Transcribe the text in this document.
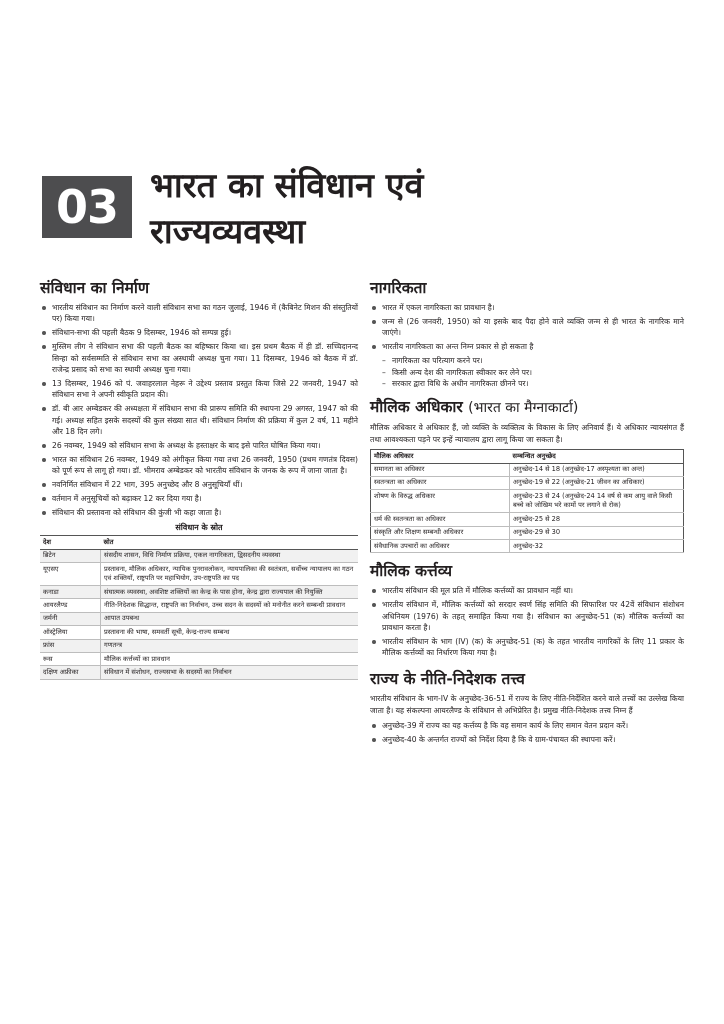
03 भारत का संविधान एवं
राज्यव्यवस्था
संविधान का निर्माण
भारतीय संविधान का निर्माण करने वाली संविधान सभा का गठन जुलाई, 1946 में (कैबिनेट मिशन की संस्तुतियों पर) किया गया।
संविधान-सभा की पहली बैठक 9 दिसम्बर, 1946 को सम्पन्न हुई।
मुस्लिम लीग ने संविधान सभा की पहली बैठक का बहिष्कार किया था। इस प्रथम बैठक में ही डॉ. सच्चिदानन्द सिन्हा को सर्वसम्मति से संविधान सभा का अस्थायी अध्यक्ष चुना गया। 11 दिसम्बर, 1946 को बैठक में डॉ. राजेन्द्र प्रसाद को सभा का स्थायी अध्यक्ष चुना गया।
13 दिसम्बर, 1946 को पं. जवाहरलाल नेहरू ने उद्देश्य प्रस्ताव प्रस्तुत किया जिसे 22 जनवरी, 1947 को संविधान सभा ने अपनी स्वीकृति प्रदान की।
डॉ. बी आर अम्बेडकर की अध्यक्षता में संविधान सभा की प्रारूप समिति की स्थापना 29 अगस्त, 1947 को की गई। अध्यक्ष सहित इसके सदस्यों की कुल संख्या सात थी। संविधान निर्माण की प्रक्रिया में कुल 2 वर्ष, 11 महीने और 18 दिन लगे।
26 नवम्बर, 1949 को संविधान सभा के अध्यक्ष के हस्ताक्षर के बाद इसे पारित घोषित किया गया।
भारत का संविधान 26 नवम्बर, 1949 को अंगीकृत किया गया तथा 26 जनवरी, 1950 (प्रथम गणतंत्र दिवस) को पूर्ण रूप से लागू हो गया। डॉ. भीमराव अम्बेडकर को भारतीय संविधान के जनक के रूप में जाना जाता है।
नवनिर्मित संविधान में 22 भाग, 395 अनुच्छेद और 8 अनुसूचियाँ थीं।
वर्तमान में अनुसूचियों को बढ़ाकर 12 कर दिया गया है।
संविधान की प्रस्तावना को संविधान की कुंजी भी कहा जाता है।
संविधान के स्रोत
देश	स्रोत
ब्रिटेन	संसदीय शासन, विधि निर्माण प्रक्रिया, एकल नागरिकता, द्विसदनीय व्यवस्था
यूएसए	प्रस्तावना, मौलिक अधिकार, न्यायिक पुनरावलोकन, न्यायपालिका की स्वतंत्रता, सर्वोच्च न्यायालय का गठन एवं शक्तियाँ, राष्ट्रपति पर महाभियोग, उप-राष्ट्रपति का पद
कनाडा	संघात्मक व्यवस्था, अवशिष्ट शक्तियों का केन्द्र के पास होना, केन्द्र द्वारा राज्यपाल की नियुक्ति
आयरलैण्ड	नीति-निदेशक सिद्धान्त, राष्ट्रपति का निर्वाचन, उच्च सदन के सदस्यों को मनोनीत करने सम्बन्धी प्रावधान
जर्मनी	आपात उपबन्ध
ऑस्ट्रेलिया	प्रस्तावना की भाषा, समवर्ती सूची, केन्द्र-राज्य सम्बन्ध
फ्रांस	गणतन्त्र
रूस	मौलिक कर्त्तव्यों का प्रावधान
दक्षिण अफ्रीका	संविधान में संशोधन, राज्यसभा के सदस्यों का निर्वाचन
नागरिकता
भारत में एकल नागरिकता का प्रावधान है।
जन्म से (26 जनवरी, 1950) को या इसके बाद पैदा होने वाले व्यक्ति जन्म से ही भारत के नागरिक माने जाएंगे।
भारतीय नागरिकता का अन्त निम्न प्रकार से हो सकता है
– नागरिकता का परित्याग करने पर।
– किसी अन्य देश की नागरिकता स्वीकार कर लेने पर।
– सरकार द्वारा विधि के अधीन नागरिकता छीनने पर।
मौलिक अधिकार (भारत का मैग्नाकार्टा)

मौलिक अधिकार वे अधिकार हैं, जो व्यक्ति के व्यक्तित्व के विकास के लिए अनिवार्य हैं। ये अधिकार न्यायसंगत हैं तथा आवश्यकता पड़ने पर इन्हें न्यायालय द्वारा लागू किया जा सकता है।

मौलिक अधिकार	सम्बन्धित अनुच्छेद
समानता का अधिकार	अनुच्छेद-14 से 18 (अनुच्छेद-17 अस्पृश्यता का अन्त)
स्वतन्त्रता का अधिकार	अनुच्छेद-19 से 22 (अनुच्छेद-21 जीवन का अधिकार)
शोषण के विरुद्ध अधिकार	अनुच्छेद-23 से 24 (अनुच्छेद-24 14 वर्ष से कम आयु वाले किसी बच्चे को जोखिम भरे कामों पर लगाने से रोक)
धर्म की स्वतन्त्रता का अधिकार	अनुच्छेद-25 से 28
संस्कृति और शिक्षण सम्बन्धी अधिकार	अनुच्छेद-29 से 30
संवैधानिक उपचारों का अधिकार	अनुच्छेद-32
मौलिक कर्त्तव्य
भारतीय संविधान की मूल प्रति में मौलिक कर्त्तव्यों का प्रावधान नहीं था।
भारतीय संविधान में, मौलिक कर्त्तव्यों को सरदार स्वर्ण सिंह समिति की सिफारिश पर 42वें संविधान संशोधन अधिनियम (1976) के तहत् समाहित किया गया है। संविधान का अनुच्छेद-51 (क) मौलिक कर्त्तव्यों का प्रावधान करता है।
भारतीय संविधान के भाग (IV) (क) के अनुच्छेद-51 (क) के तहत भारतीय नागरिकों के लिए 11 प्रकार के मौलिक कर्त्तव्यों का निर्धारण किया गया है।
राज्य के नीति-निदेशक तत्त्व

भारतीय संविधान के भाग-IV के अनुच्छेद-36-51 में राज्य के लिए नीति-निर्देशित करने वाले तत्त्वों का उल्लेख किया जाता है। यह संकल्पना आयरलैण्ड के संविधान से अभिप्रेरित है। प्रमुख नीति-निदेशक तत्त्व निम्न हैं

अनुच्छेद-39 में राज्य का यह कर्त्तव्य है कि वह समान कार्य के लिए समान वेतन प्रदान करें।
अनुच्छेद-40 के अन्तर्गत राज्यों को निर्देश दिया है कि वे ग्राम-पंचायत की स्थापना करें।
